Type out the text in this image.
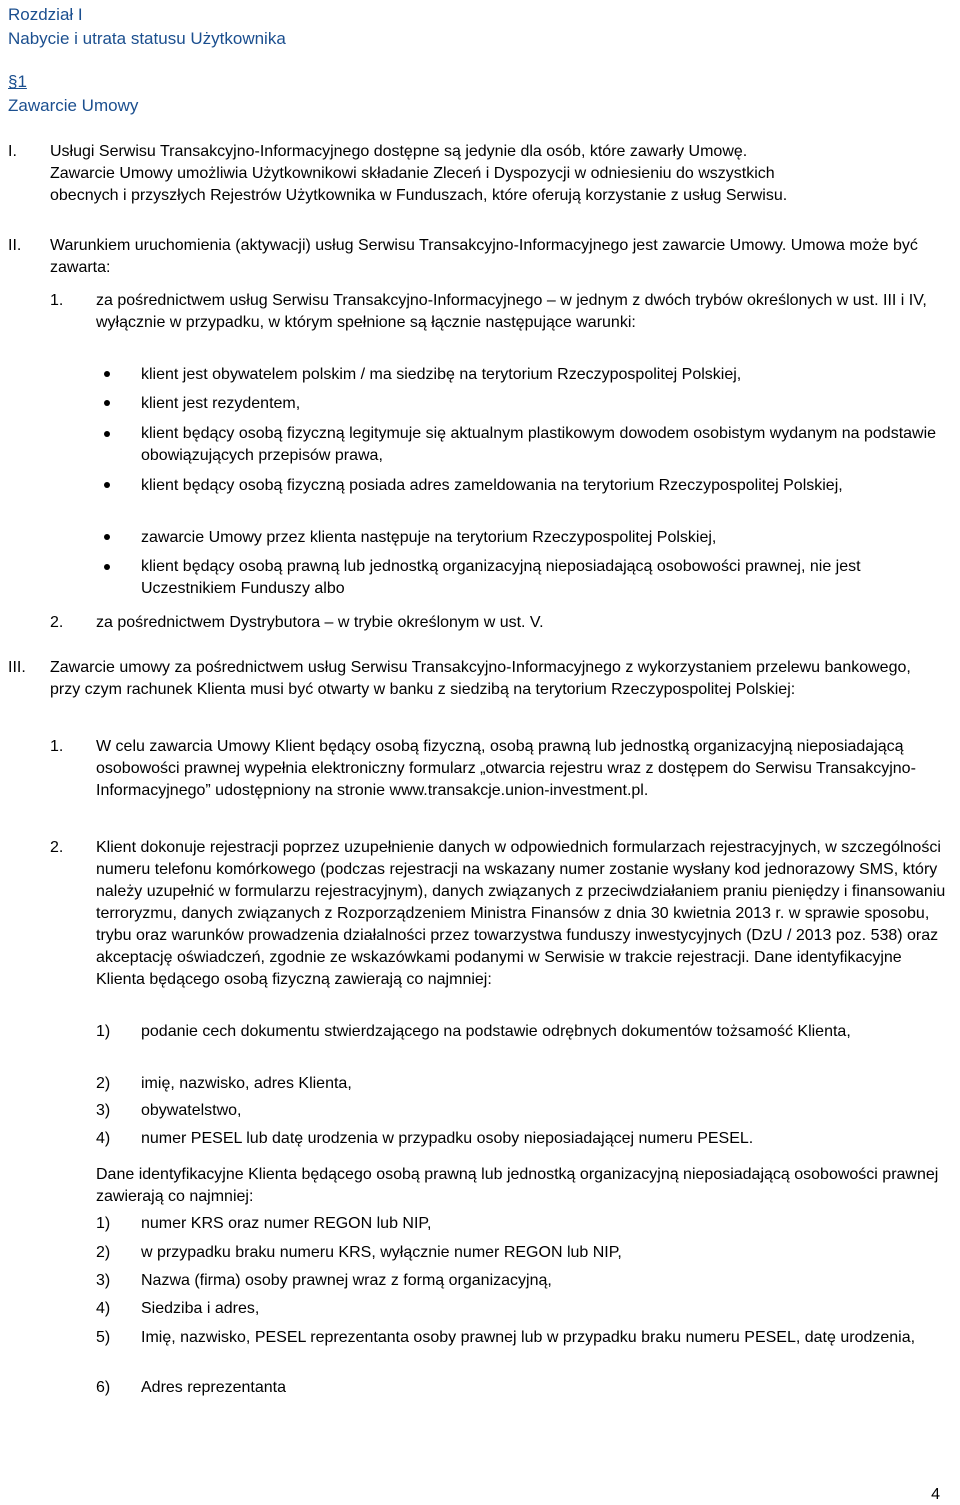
Rozdział I
Nabycie i utrata statusu Użytkownika
§1
Zawarcie Umowy
I.	Usługi Serwisu Transakcyjno-Informacyjnego dostępne są jedynie dla osób, które zawarły Umowę.
Zawarcie Umowy umożliwia Użytkownikowi składanie Zleceń i Dyspozycji w odniesieniu do wszystkich
obecnych i przyszłych Rejestrów Użytkownika w Funduszach, które oferują korzystanie z usług Serwisu.
II.	Warunkiem uruchomienia (aktywacji) usług Serwisu Transakcyjno-Informacyjnego jest zawarcie Umowy. Umowa może być zawarta:
1. za pośrednictwem usług Serwisu Transakcyjno-Informacyjnego – w jednym z dwóch trybów określonych w ust. III i IV, wyłącznie w przypadku, w którym spełnione są łącznie następujące warunki:
klient jest obywatelem polskim / ma siedzibę na terytorium Rzeczypospolitej Polskiej,
klient jest rezydentem,
klient będący osobą fizyczną legitymuje się aktualnym plastikowym dowodem osobistym wydanym na podstawie obowiązujących przepisów prawa,
klient będący osobą fizyczną posiada adres zameldowania na terytorium Rzeczypospolitej Polskiej,
zawarcie Umowy przez klienta następuje na terytorium Rzeczypospolitej Polskiej,
klient będący osobą prawną lub jednostką organizacyjną nieposiadającą osobowości prawnej, nie jest Uczestnikiem Funduszy albo
2. za pośrednictwem Dystrybutora – w trybie określonym w ust. V.
III.	Zawarcie umowy za pośrednictwem usług Serwisu Transakcyjno-Informacyjnego z wykorzystaniem przelewu bankowego, przy czym rachunek Klienta musi być otwarty w banku z siedzibą na terytorium Rzeczypospolitej Polskiej:
1. W celu zawarcia Umowy Klient będący osobą fizyczną, osobą prawną lub jednostką organizacyjną nieposiadającą osobowości prawnej wypełnia elektroniczny formularz „otwarcia rejestru wraz z dostępem do Serwisu Transakcyjno-Informacyjnego” udostępniony na stronie www.transakcje.union-investment.pl.
2. Klient dokonuje rejestracji poprzez uzupełnienie danych w odpowiednich formularzach rejestracyjnych, w szczególności numeru telefonu komórkowego (podczas rejestracji na wskazany numer zostanie wysłany kod jednorazowy SMS, który należy uzupełnić w formularzu rejestracyjnym), danych związanych z przeciwdziałaniem praniu pieniędzy i finansowaniu terroryzmu, danych związanych z Rozporządzeniem Ministra Finansów z dnia 30 kwietnia 2013 r. w sprawie sposobu, trybu oraz warunków prowadzenia działalności przez towarzystwa funduszy inwestycyjnych (DzU / 2013 poz. 538) oraz akceptację oświadczeń, zgodnie ze wskazówkami podanymi w Serwisie w trakcie rejestracji. Dane identyfikacyjne Klienta będącego osobą fizyczną zawierają co najmniej:
1) podanie cech dokumentu stwierdzającego na podstawie odrębnych dokumentów tożsamość Klienta,
2) imię, nazwisko, adres Klienta,
3) obywatelstwo,
4) numer PESEL lub datę urodzenia w przypadku osoby nieposiadającej numeru PESEL.
Dane identyfikacyjne Klienta będącego osobą prawną lub jednostką organizacyjną nieposiadającą osobowości prawnej zawierają co najmniej:
1) numer KRS oraz numer REGON lub NIP,
2) w przypadku braku numeru KRS, wyłącznie numer REGON lub NIP,
3) Nazwa (firma) osoby prawnej wraz z formą organizacyjną,
4) Siedziba i adres,
5) Imię, nazwisko, PESEL reprezentanta osoby prawnej lub w przypadku braku numeru PESEL, datę urodzenia,
6) Adres reprezentanta
4
